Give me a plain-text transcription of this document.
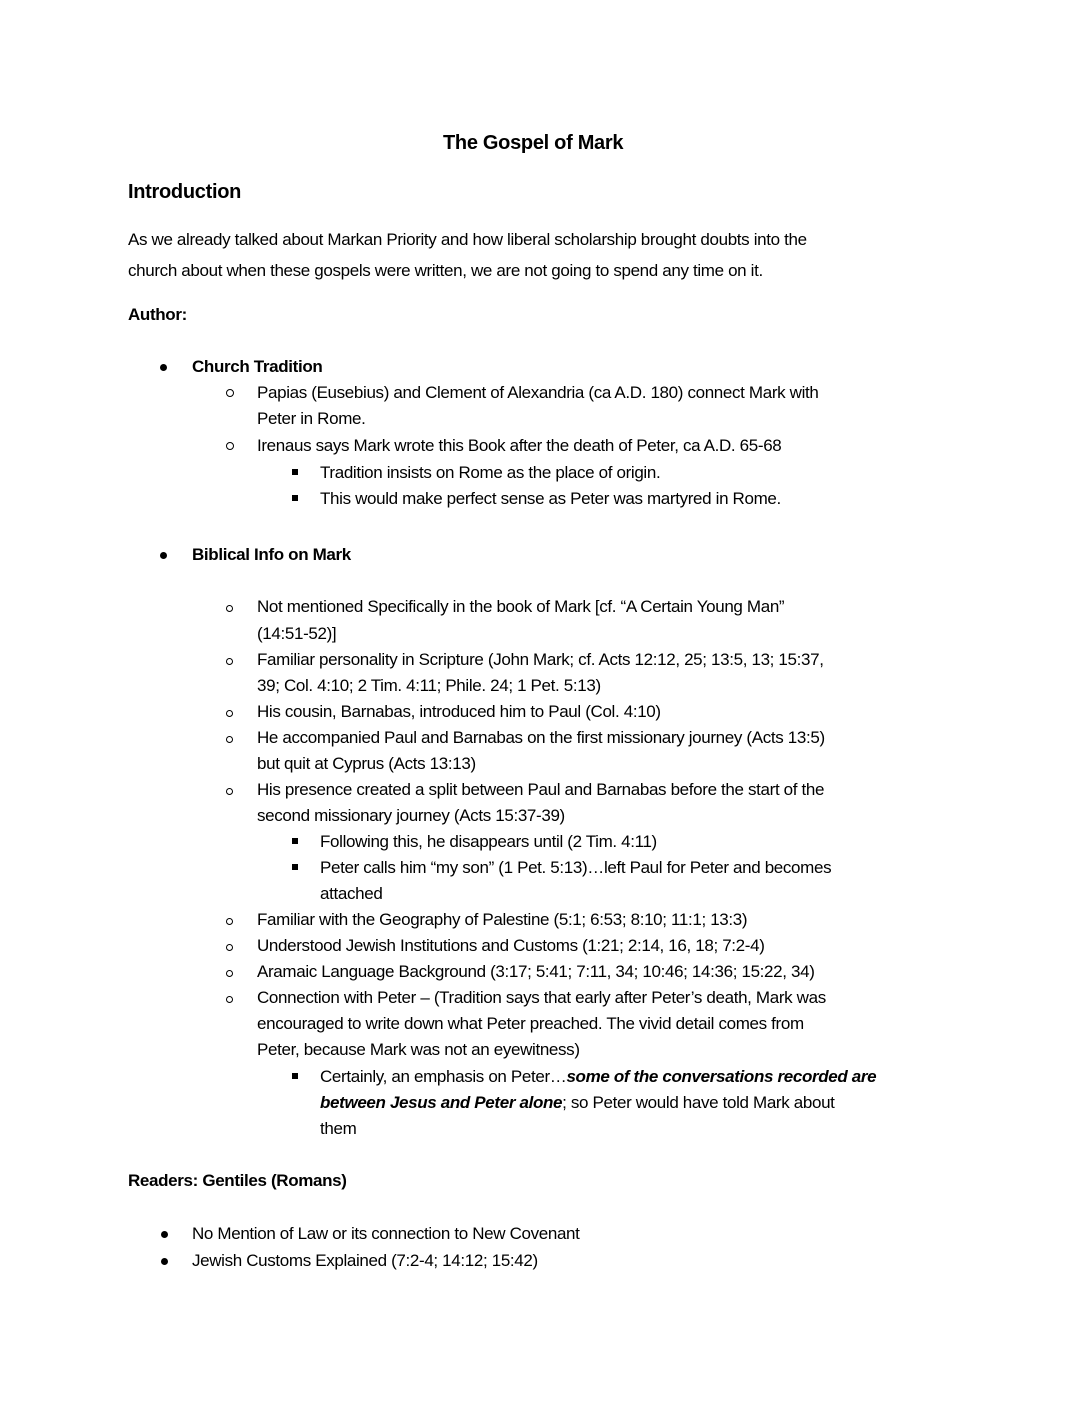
The Gospel of Mark
Introduction
As we already talked about Markan Priority and how liberal scholarship brought doubts into the
church about when these gospels were written, we are not going to spend any time on it.
Author:
Church Tradition
Papias (Eusebius) and Clement of Alexandria (ca A.D. 180) connect Mark with
Peter in Rome.
Irenaus says Mark wrote this Book after the death of Peter, ca A.D. 65-68
Tradition insists on Rome as the place of origin.
This would make perfect sense as Peter was martyred in Rome.
Biblical Info on Mark
Not mentioned Specifically in the book of Mark [cf. “A Certain Young Man”
(14:51-52)]
Familiar personality in Scripture (John Mark; cf. Acts 12:12, 25; 13:5, 13; 15:37,
39; Col. 4:10; 2 Tim. 4:11; Phile. 24; 1 Pet. 5:13)
His cousin, Barnabas, introduced him to Paul (Col. 4:10)
He accompanied Paul and Barnabas on the first missionary journey (Acts 13:5)
but quit at Cyprus (Acts 13:13)
His presence created a split between Paul and Barnabas before the start of the
second missionary journey (Acts 15:37-39)
Following this, he disappears until (2 Tim. 4:11)
Peter calls him “my son” (1 Pet. 5:13)…left Paul for Peter and becomes
attached
Familiar with the Geography of Palestine (5:1; 6:53; 8:10; 11:1; 13:3)
Understood Jewish Institutions and Customs (1:21; 2:14, 16, 18; 7:2-4)
Aramaic Language Background (3:17; 5:41; 7:11, 34; 10:46; 14:36; 15:22, 34)
Connection with Peter – (Tradition says that early after Peter’s death, Mark was
encouraged to write down what Peter preached. The vivid detail comes from
Peter, because Mark was not an eyewitness)
Certainly, an emphasis on Peter…some of the conversations recorded are
between Jesus and Peter alone; so Peter would have told Mark about
them
Readers: Gentiles (Romans)
No Mention of Law or its connection to New Covenant
Jewish Customs Explained (7:2-4; 14:12; 15:42)
